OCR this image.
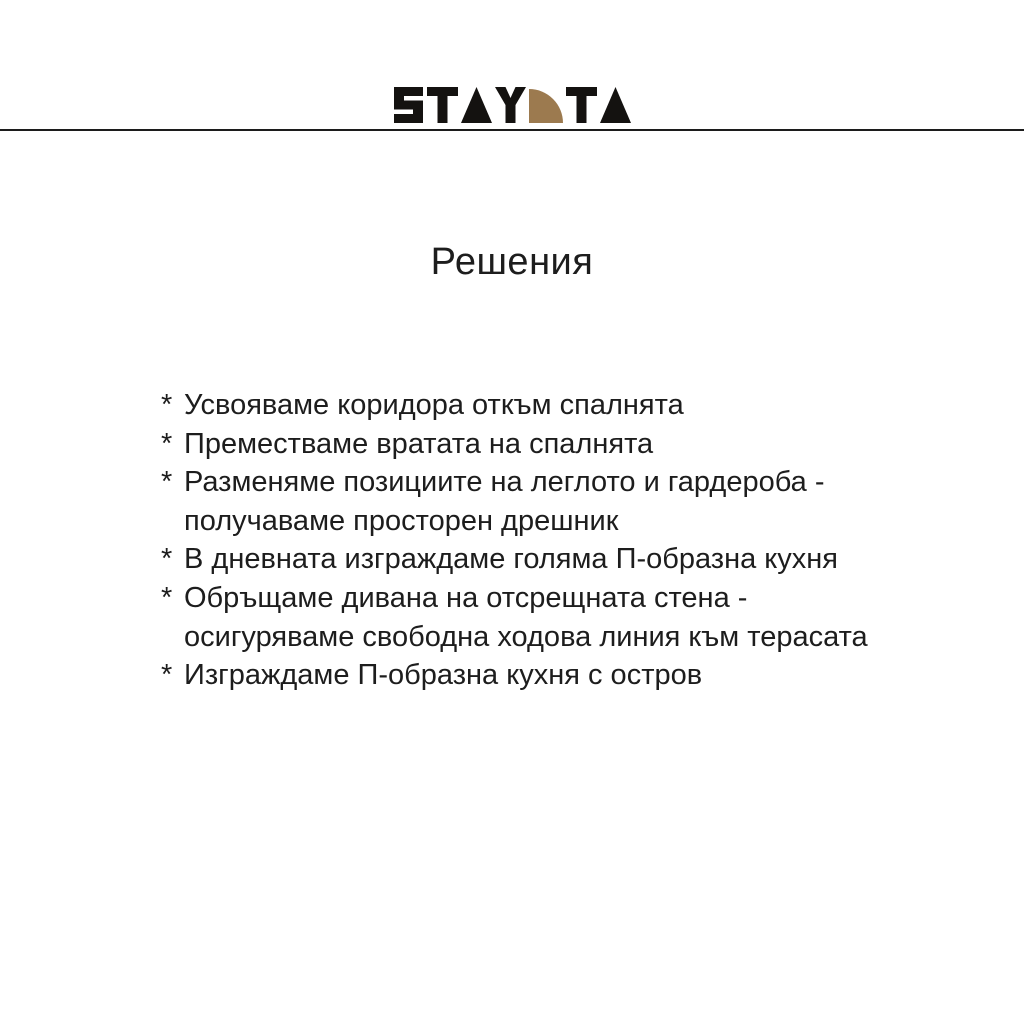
Решения
* Усвояваме коридора откъм спалнята
* Преместваме вратата на спалнята
* Разменяме позициите на леглото и гардероба -
получаваме просторен дрешник
* В дневната изграждаме голяма П-образна кухня
* Обръщаме дивана на отсрещната стена -
осигуряваме свободна ходова линия към терасата
* Изграждаме П-образна кухня с остров
